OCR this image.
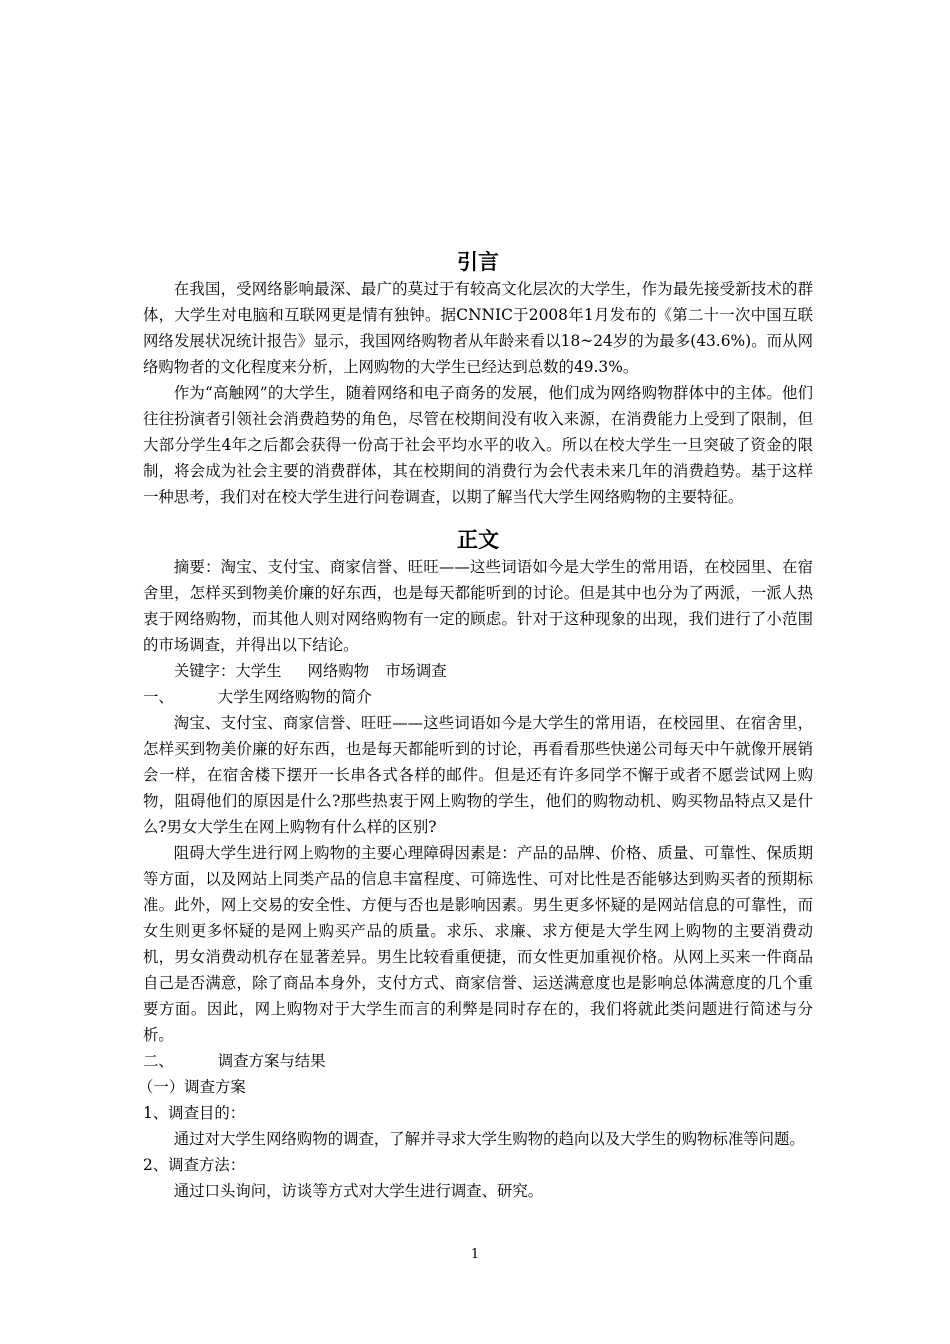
引言

在我国，受网络影响最深、最广的莫过于有较高文化层次的大学生，作为最先接受新技术的群体，大学生对电脑和互联网更是情有独钟。据CNNIC于2008年1月发布的《第二十一次中国互联网络发展状况统计报告》显示，我国网络购物者从年龄来看以18~24岁的为最多(43.6%)。而从网络购物者的文化程度来分析，上网购物的大学生已经达到总数的49.3%。

作为“高触网”的大学生，随着网络和电子商务的发展，他们成为网络购物群体中的主体。他们往往扮演者引领社会消费趋势的角色，尽管在校期间没有收入来源，在消费能力上受到了限制，但大部分学生4年之后都会获得一份高于社会平均水平的收入。所以在校大学生一旦突破了资金的限制，将会成为社会主要的消费群体，其在校期间的消费行为会代表未来几年的消费趋势。基于这样一种思考，我们对在校大学生进行问卷调查，以期了解当代大学生网络购物的主要特征。

正文

摘要：淘宝、支付宝、商家信誉、旺旺——这些词语如今是大学生的常用语，在校园里、在宿舍里，怎样买到物美价廉的好东西，也是每天都能听到的讨论。但是其中也分为了两派，一派人热衷于网络购物，而其他人则对网络购物有一定的顾虑。针对于这种现象的出现，我们进行了小范围的市场调查，并得出以下结论。

关键字：大学生 网络购物 市场调查

一、	大学生网络购物的简介

淘宝、支付宝、商家信誉、旺旺——这些词语如今是大学生的常用语，在校园里、在宿舍里，怎样买到物美价廉的好东西，也是每天都能听到的讨论，再看看那些快递公司每天中午就像开展销会一样，在宿舍楼下摆开一长串各式各样的邮件。但是还有许多同学不懈于或者不愿尝试网上购物，阻碍他们的原因是什么?那些热衷于网上购物的学生，他们的购物动机、购买物品特点又是什么?男女大学生在网上购物有什么样的区别?

阻碍大学生进行网上购物的主要心理障碍因素是：产品的品牌、价格、质量、可靠性、保质期等方面，以及网站上同类产品的信息丰富程度、可筛选性、可对比性是否能够达到购买者的预期标准。此外，网上交易的安全性、方便与否也是影响因素。男生更多怀疑的是网站信息的可靠性，而女生则更多怀疑的是网上购买产品的质量。求乐、求廉、求方便是大学生网上购物的主要消费动机，男女消费动机存在显著差异。男生比较看重便捷，而女性更加重视价格。从网上买来一件商品自己是否满意，除了商品本身外，支付方式、商家信誉、运送满意度也是影响总体满意度的几个重要方面。因此，网上购物对于大学生而言的利弊是同时存在的，我们将就此类问题进行简述与分析。

二、	调查方案与结果

（一）调查方案

1、调查目的：

通过对大学生网络购物的调查，了解并寻求大学生购物的趋向以及大学生的购物标准等问题。

2、调查方法：

通过口头询问，访谈等方式对大学生进行调查、研究。

1
